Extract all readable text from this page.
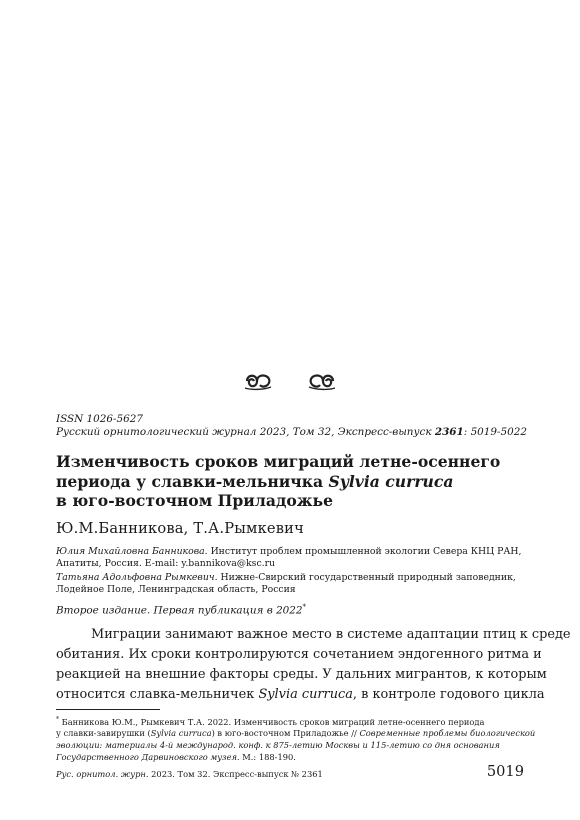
ISSN 1026-5627
Русский орнитологический журнал 2023, Том 32, Экспресс-выпуск 2361: 5019-5022
Изменчивость сроков миграций летне-осеннего
периода у славки-мельничка Sylvia curruca
в юго-восточном Приладожье
Ю.М.Банникова, Т.А.Рымкевич
Юлия Михайловна Банникова. Институт проблем промышленной экологии Севера КНЦ РАН,
Апатиты, Россия. E-mail: y.bannikova@ksc.ru
Татьяна Адольфовна Рымкевич. Нижне-Свирский государственный природный заповедник,
Лодейное Поле, Ленинградская область, Россия
Второе издание. Первая публикация в 2022*
Миграции занимают важное место в системе адаптации птиц к среде
обитания. Их сроки контролируются сочетанием эндогенного ритма и
реакцией на внешние факторы среды. У дальних мигрантов, к которым
относится славка-мельничек Sylvia curruca, в контроле годового цикла
* Банникова Ю.М., Рымкевич Т.А. 2022. Изменчивость сроков миграций летне-осеннего периода
у славки-завирушки (Sylvia curruca) в юго-восточном Приладожье // Современные проблемы биологической
эволюции: материалы 4-й международ. конф. к 875-летию Москвы и 115-летию со дня основания
Государственного Дарвиновского музея. М.: 188-190.
Рус. орнитол. журн. 2023. Том 32. Экспресс-выпуск № 2361	5019
